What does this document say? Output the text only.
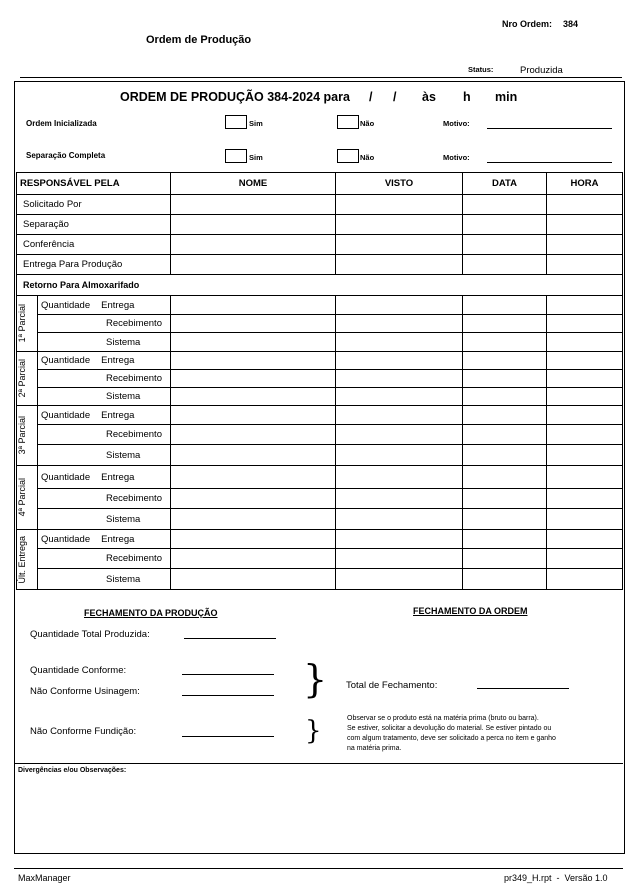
Nro Ordem: 384
Ordem de Produção
Status:	Produzida
ORDEM DE PRODUÇÃO 384-2024 para / / às h min
Ordem Inicializada	Sim	Não	Motivo:
Separação Completa	Sim	Não	Motivo:
RESPONSÁVEL PELA		NOME	VISTO	DATA	HORA
Solicitado Por					
Separação					
Conferência					
Entrega Para Produção					
Retorno Para Almoxarifado					

1ª Parcial	Quantidade Entrega				
	Recebimento				
	Sistema				

2ª Parcial	Quantidade Entrega				
	Recebimento				
	Sistema				

3ª Parcial	Quantidade Entrega				
	Recebimento				
	Sistema				

4ª Parcial	Quantidade Entrega				
	Recebimento				
	Sistema				

Últ. Entrega	Quantidade Entrega				
	Recebimento				
	Sistema				
FECHAMENTO DA PRODUÇÃO	FECHAMENTO DA ORDEM
Quantidade Total Produzida:
Quantidade Conforme:
Não Conforme Usinagem:	} Total de Fechamento:
Não Conforme Fundição:	}	Observar se o produto está na matéria prima (bruto ou barra).
Se estiver, solicitar a devolução do material. Se estiver pintado ou
com algum tratamento, deve ser solicitado a perca no item e ganho
na matéria prima.
Divergências e/ou Observações:
MaxManager	pr349_H.rpt  -  Versão 1.0
